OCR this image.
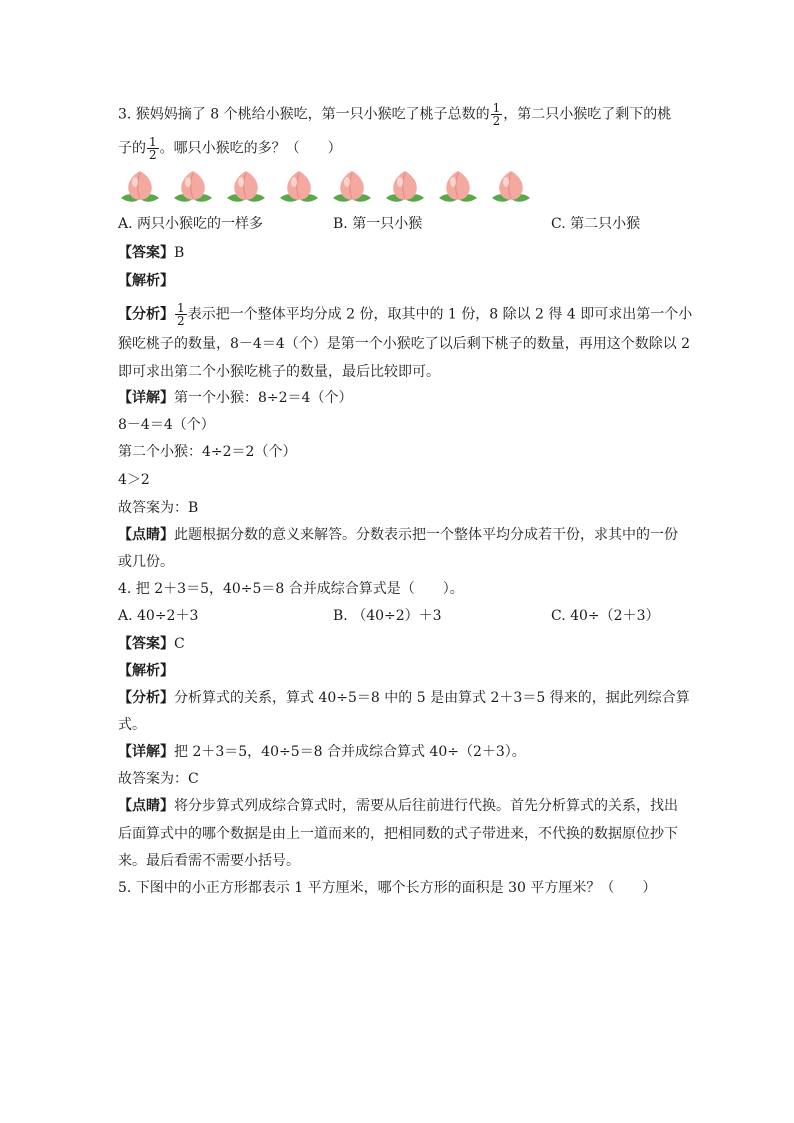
3. 猴妈妈摘了 8 个桃给小猴吃，第一只小猴吃了桃子总数的 $\frac{1}{2}$ ，第二只小猴吃了剩下的桃
子的 $\frac{1}{2}$ 。哪只小猴吃的多？（　　）
A. 两只小猴吃的一样多	B. 第一只小猴	C. 第二只小猴
【答案】B
【解析】
【分析】 $\frac{1}{2}$ 表示把一个整体平均分成 2 份，取其中的 1 份，8 除以 2 得 4 即可求出第一个小
猴吃桃子的数量，8－4＝4（个）是第一个小猴吃了以后剩下桃子的数量，再用这个数除以 2
即可求出第二个小猴吃桃子的数量，最后比较即可。
【详解】第一个小猴：8÷2＝4（个）
8－4＝4（个）
第二个小猴：4÷2＝2（个）
4＞2
故答案为：B
【点睛】此题根据分数的意义来解答。分数表示把一个整体平均分成若干份，求其中的一份
或几份。
4. 把 2＋3＝5，40÷5＝8 合并成综合算式是（　　）。
A. 40÷2＋3	B. （40÷2）＋3	C. 40÷（2＋3）
【答案】C
【解析】
【分析】分析算式的关系，算式 40÷5＝8 中的 5 是由算式 2＋3＝5 得来的，据此列综合算
式。
【详解】把 2＋3＝5，40÷5＝8 合并成综合算式 40÷（2＋3）。
故答案为：C
【点睛】将分步算式列成综合算式时，需要从后往前进行代换。首先分析算式的关系，找出
后面算式中的哪个数据是由上一道而来的，把相同数的式子带进来，不代换的数据原位抄下
来。最后看需不需要小括号。
5. 下图中的小正方形都表示 1 平方厘米，哪个长方形的面积是 30 平方厘米？（　　）
